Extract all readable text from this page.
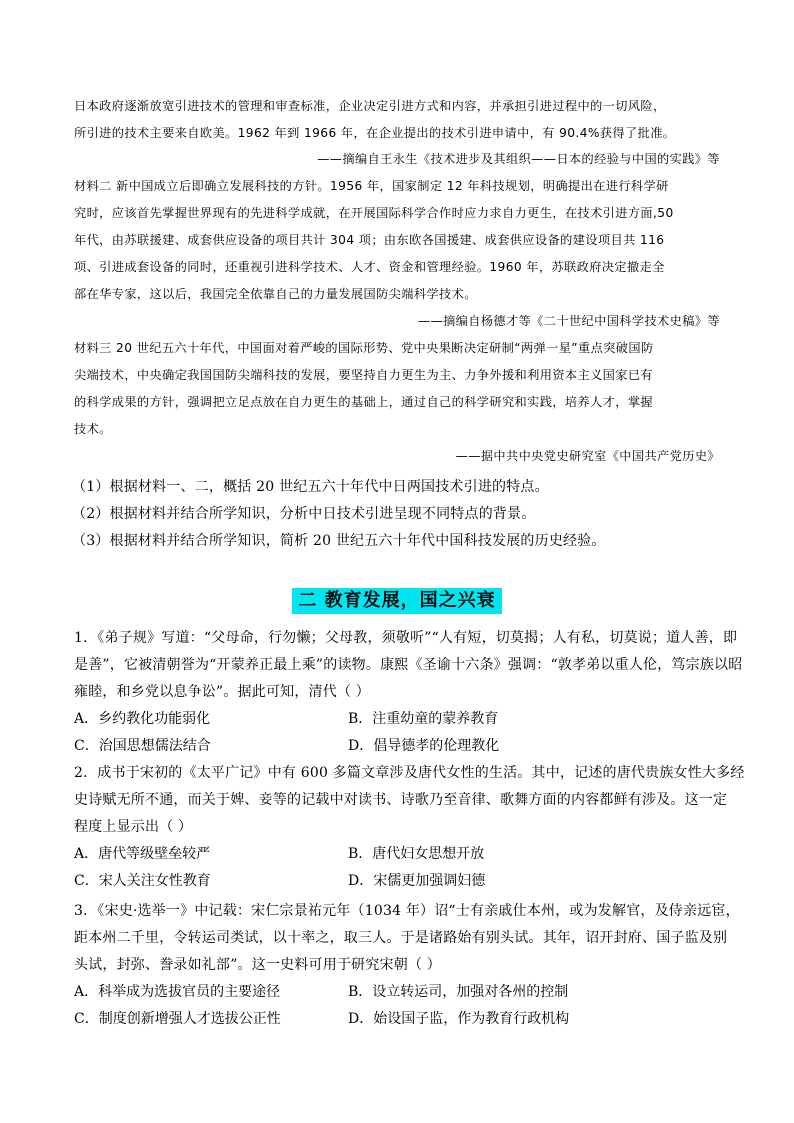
日本政府逐渐放宽引进技术的管理和审查标准，企业决定引进方式和内容，并承担引进过程中的一切风险，
所引进的技术主要来自欧美。1962 年到 1966 年，在企业提出的技术引进申请中，有 90.4%获得了批准。
——摘编自王永生《技术进步及其组织——日本的经验与中国的实践》等
材料二 新中国成立后即确立发展科技的方针。1956 年，国家制定 12 年科技规划，明确提出在进行科学研
究时，应该首先掌握世界现有的先进科学成就，在开展国际科学合作时应力求自力更生，在技术引进方面,50
年代，由苏联援建、成套供应设备的项目共计 304 项；由东欧各国援建、成套供应设备的建设项目共 116
项、引进成套设备的同时，还重视引进科学技术、人才、资金和管理经验。1960 年，苏联政府决定撤走全
部在华专家，这以后，我国完全依靠自己的力量发展国防尖端科学技术。
——摘编自杨德才等《二十世纪中国科学技术史稿》等
材料三 20 世纪五六十年代，中国面对着严峻的国际形势、党中央果断决定研制“两弹一星”重点突破国防
尖端技术，中央确定我国国防尖端科技的发展，要坚持自力更生为主、力争外援和利用资本主义国家已有
的科学成果的方针，强调把立足点放在自力更生的基础上，通过自己的科学研究和实践，培养人才，掌握
技术。
——据中共中央党史研究室《中国共产党历史》
（1）根据材料一、二，概括 20 世纪五六十年代中日两国技术引进的特点。
（2）根据材料并结合所学知识，分析中日技术引进呈现不同特点的背景。
（3）根据材料并结合所学知识，简析 20 世纪五六十年代中国科技发展的历史经验。
二 教育发展，国之兴衰
1．《弟子规》写道：“父母命，行勿懒；父母教，须敬听”“人有短，切莫揭；人有私，切莫说；道人善，即
是善”，它被清朝誉为“开蒙养正最上乘”的读物。康熙《圣谕十六条》强调：“敦孝弟以重人伦，笃宗族以昭
雍睦，和乡党以息争讼”。据此可知，清代（ ）
A．乡约教化功能弱化	B．注重幼童的蒙养教育
C．治国思想儒法结合	D．倡导德孝的伦理教化
2．成书于宋初的《太平广记》中有 600 多篇文章涉及唐代女性的生活。其中，记述的唐代贵族女性大多经
史诗赋无所不通，而关于婢、妾等的记载中对读书、诗歌乃至音律、歌舞方面的内容都鲜有涉及。这一定
程度上显示出（ ）
A．唐代等级壁垒较严	B．唐代妇女思想开放
C．宋人关注女性教育	D．宋儒更加强调妇德
3．《宋史·选举一》中记载：宋仁宗景祐元年（1034 年）诏“士有亲戚仕本州，或为发解官，及侍亲远宦，
距本州二千里，令转运司类试，以十率之，取三人。于是诸路始有别头试。其年，诏开封府、国子监及别
头试，封弥、誊录如礼部”。这一史料可用于研究宋朝（ ）
A．科举成为选拔官员的主要途径	B．设立转运司，加强对各州的控制
C．制度创新增强人才选拔公正性	D．始设国子监，作为教育行政机构
